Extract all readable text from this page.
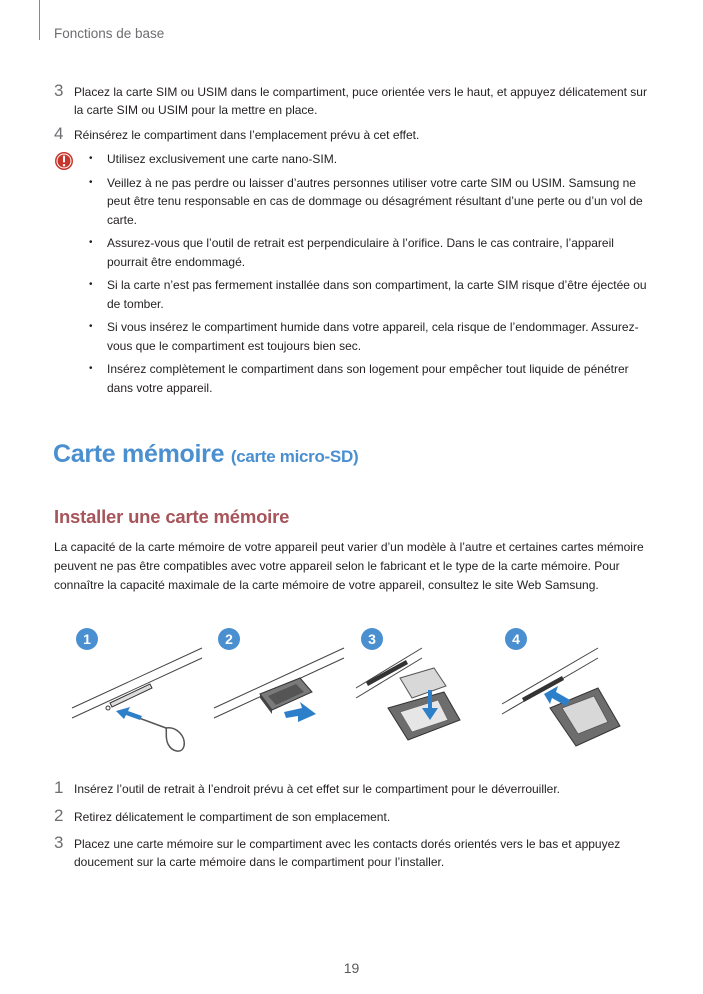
Fonctions de base
3 Placez la carte SIM ou USIM dans le compartiment, puce orientée vers le haut, et appuyez délicatement sur la carte SIM ou USIM pour la mettre en place.
4 Réinsérez le compartiment dans l’emplacement prévu à cet effet.
• Utilisez exclusivement une carte nano-SIM.
• Veillez à ne pas perdre ou laisser d’autres personnes utiliser votre carte SIM ou USIM. Samsung ne peut être tenu responsable en cas de dommage ou désagrément résultant d’une perte ou d’un vol de carte.
• Assurez-vous que l’outil de retrait est perpendiculaire à l’orifice. Dans le cas contraire, l’appareil pourrait être endommagé.
• Si la carte n’est pas fermement installée dans son compartiment, la carte SIM risque d’être éjectée ou de tomber.
• Si vous insérez le compartiment humide dans votre appareil, cela risque de l’endommager. Assurez-vous que le compartiment est toujours bien sec.
• Insérez complètement le compartiment dans son logement pour empêcher tout liquide de pénétrer dans votre appareil.
Carte mémoire (carte micro-SD)
Installer une carte mémoire
La capacité de la carte mémoire de votre appareil peut varier d’un modèle à l’autre et certaines cartes mémoire peuvent ne pas être compatibles avec votre appareil selon le fabricant et le type de la carte mémoire. Pour connaître la capacité maximale de la carte mémoire de votre appareil, consultez le site Web Samsung.
1	2	3	4
1 Insérez l’outil de retrait à l’endroit prévu à cet effet sur le compartiment pour le déverrouiller.
2 Retirez délicatement le compartiment de son emplacement.
3 Placez une carte mémoire sur le compartiment avec les contacts dorés orientés vers le bas et appuyez doucement sur la carte mémoire dans le compartiment pour l’installer.
19
